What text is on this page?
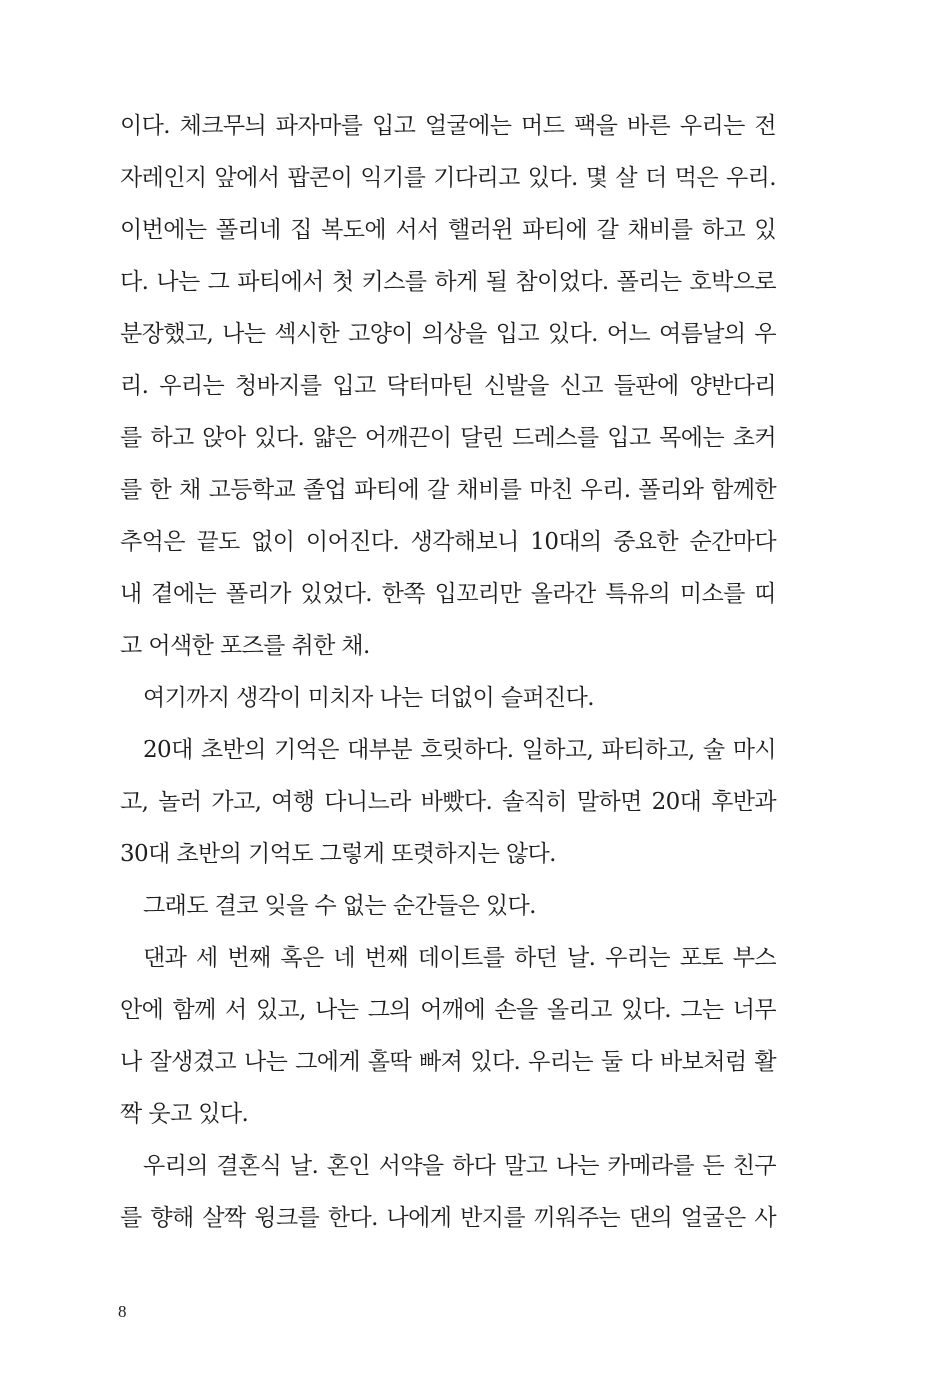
이다. 체크무늬 파자마를 입고 얼굴에는 머드 팩을 바른 우리는 전
자레인지 앞에서 팝콘이 익기를 기다리고 있다. 몇 살 더 먹은 우리.
이번에는 폴리네 집 복도에 서서 핼러윈 파티에 갈 채비를 하고 있
다. 나는 그 파티에서 첫 키스를 하게 될 참이었다. 폴리는 호박으로
분장했고, 나는 섹시한 고양이 의상을 입고 있다. 어느 여름날의 우
리. 우리는 청바지를 입고 닥터마틴 신발을 신고 들판에 양반다리
를 하고 앉아 있다. 얇은 어깨끈이 달린 드레스를 입고 목에는 초커
를 한 채 고등학교 졸업 파티에 갈 채비를 마친 우리. 폴리와 함께한
추억은 끝도 없이 이어진다. 생각해보니 10대의 중요한 순간마다
내 곁에는 폴리가 있었다. 한쪽 입꼬리만 올라간 특유의 미소를 띠
고 어색한 포즈를 취한 채.
여기까지 생각이 미치자 나는 더없이 슬퍼진다.
20대 초반의 기억은 대부분 흐릿하다. 일하고, 파티하고, 술 마시
고, 놀러 가고, 여행 다니느라 바빴다. 솔직히 말하면 20대 후반과
30대 초반의 기억도 그렇게 또렷하지는 않다.
그래도 결코 잊을 수 없는 순간들은 있다.
댄과 세 번째 혹은 네 번째 데이트를 하던 날. 우리는 포토 부스
안에 함께 서 있고, 나는 그의 어깨에 손을 올리고 있다. 그는 너무
나 잘생겼고 나는 그에게 홀딱 빠져 있다. 우리는 둘 다 바보처럼 활
짝 웃고 있다.
우리의 결혼식 날. 혼인 서약을 하다 말고 나는 카메라를 든 친구
를 향해 살짝 윙크를 한다. 나에게 반지를 끼워주는 댄의 얼굴은 사
8
